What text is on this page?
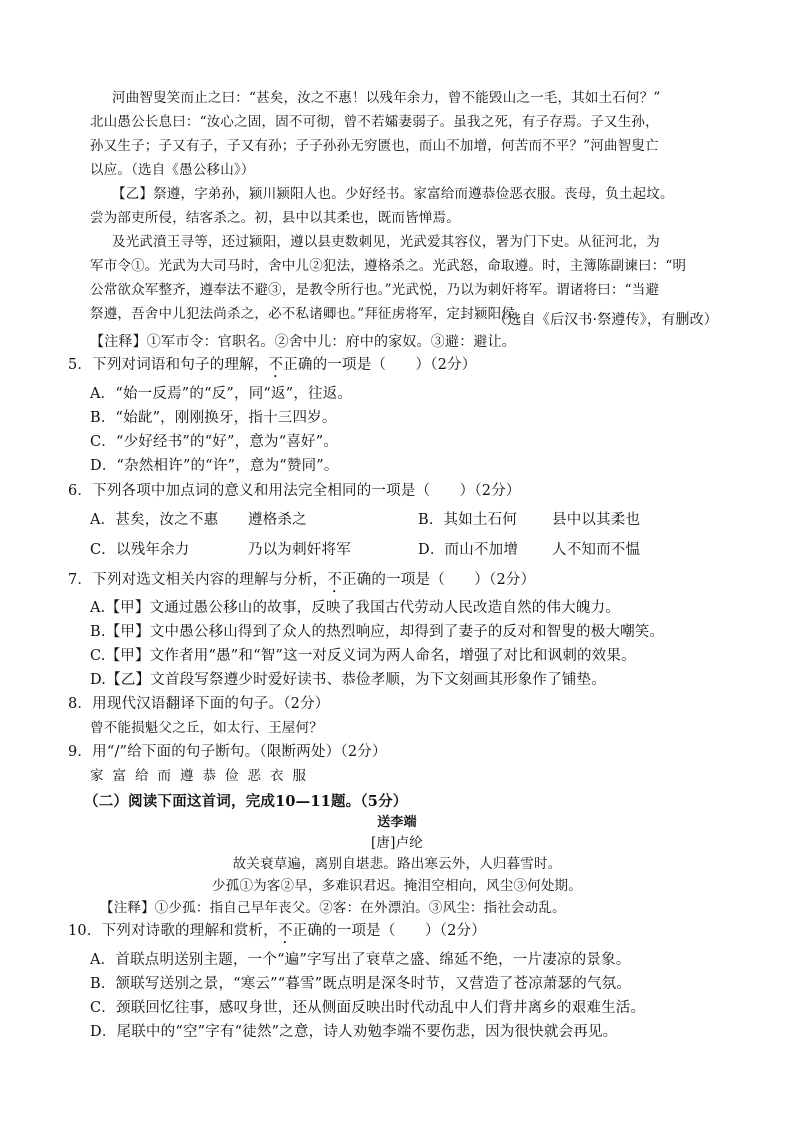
河曲智叟笑而止之曰：“甚矣，汝之不惠！以残年余力，曾不能毁山之一毛，其如土石何？”
北山愚公长息曰：“汝心之固，固不可彻，曾不若孀妻弱子。虽我之死，有子存焉。子又生孙，
孙又生子；子又有子，子又有孙；子子孙孙无穷匮也，而山不加增，何苦而不平？”河曲智叟亡
以应。（选自《愚公移山》）
【乙】祭遵，字弟孙，颍川颍阳人也。少好经书。家富给而遵恭俭恶衣服。丧母，负土起坟。
尝为部吏所侵，结客杀之。初，县中以其柔也，既而皆惮焉。
及光武濆王寻等，还过颍阳，遵以县吏数刺见，光武爱其容仪，署为门下史。从征河北，为
军市令①。光武为大司马时，舍中儿②犯法，遵格杀之。光武怒，命取遵。时，主簿陈副谏曰：“明
公常欲众军整齐，遵奉法不避③，是教令所行也。”光武悦，乃以为刺奸将军。谓诸将曰：“当避
祭遵，吾舍中儿犯法尚杀之，必不私诸卿也。”拜征虏将军，定封颍阳侯。
（选自《后汉书·祭遵传》，有删改）
【注释】①军市令：官职名。②舍中儿：府中的家奴。③避：避让。
5．下列对词语和句子的理解，不正确的一项是（　　）（2分）
A．“始一反焉”的“反”，同“返”，往返。
B．“始龀”，刚刚换牙，指十三四岁。
C．“少好经书”的“好”，意为“喜好”。
D．“杂然相许”的“许”，意为“赞同”。
6．下列各项中加点词的意义和用法完全相同的一项是（　　）（2分）
A．甚矣，汝之不惠 遵格杀之	B．其如土石何 县中以其柔也
C．以残年余力	乃以为刺奸将军	D．而山不加增 人不知而不愠
7．下列对选文相关内容的理解与分析，不正确的一项是（　　）（2分）
A.【甲】文通过愚公移山的故事，反映了我国古代劳动人民改造自然的伟大魄力。
B.【甲】文中愚公移山得到了众人的热烈响应，却得到了妻子的反对和智叟的极大嘲笑。
C.【甲】文作者用“愚”和“智”这一对反义词为两人命名，增强了对比和讽刺的效果。
D.【乙】文首段写祭遵少时爱好读书、恭俭孝顺，为下文刻画其形象作了铺垫。
8．用现代汉语翻译下面的句子。（2分）
曾不能损魁父之丘，如太行、王屋何？
9．用“/”给下面的句子断句。（限断两处）（2分）
家富给而遵恭俭恶衣服
（二）阅读下面这首词，完成10—11题。（5分）
送李端
[唐]卢纶
故关衰草遍，离别自堪悲。路出寒云外，人归暮雪时。
少孤①为客②早，多难识君迟。掩泪空相向，风尘③何处期。
【注释】①少孤：指自己早年丧父。②客：在外漂泊。③风尘：指社会动乱。
10．下列对诗歌的理解和赏析，不正确的一项是（　　）（2分）
A．首联点明送别主题，一个“遍”字写出了衰草之盛、绵延不绝，一片凄凉的景象。
B．颔联写送别之景，“寒云”“暮雪”既点明是深冬时节，又营造了苍凉萧瑟的气氛。
C．颈联回忆往事，感叹身世，还从侧面反映出时代动乱中人们背井离乡的艰难生活。
D．尾联中的“空”字有“徒然”之意，诗人劝勉李端不要伤悲，因为很快就会再见。
